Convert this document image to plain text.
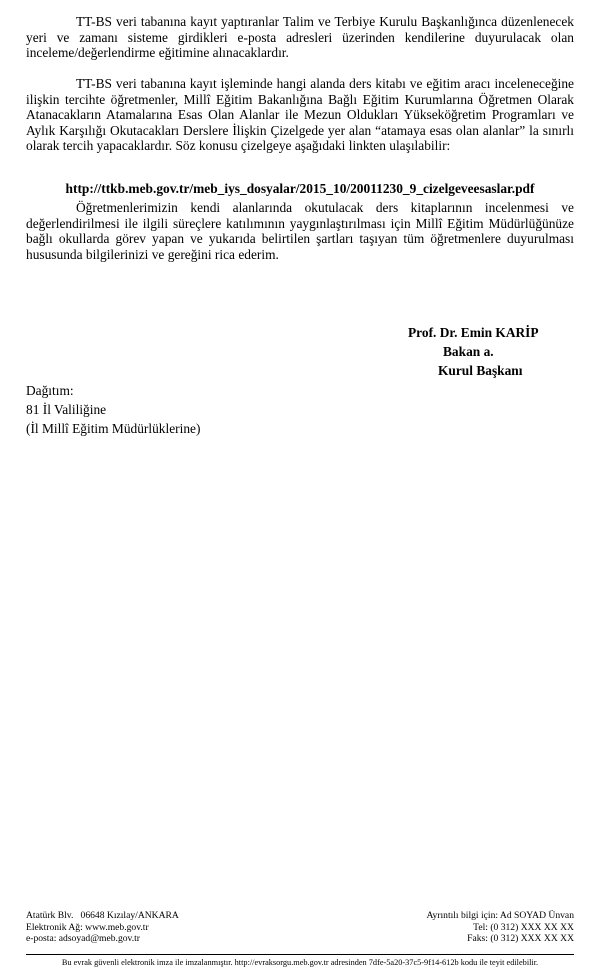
TT-BS veri tabanına kayıt yaptıranlar Talim ve Terbiye Kurulu Başkanlığınca düzenlenecek yeri ve zamanı sisteme girdikleri e-posta adresleri üzerinden kendilerine duyurulacak olan inceleme/değerlendirme eğitimine alınacaklardır.

TT-BS veri tabanına kayıt işleminde hangi alanda ders kitabı ve eğitim aracı inceleneceğine ilişkin tercihte öğretmenler, Millî Eğitim Bakanlığına Bağlı Eğitim Kurumlarına Öğretmen Olarak Atanacakların Atamalarına Esas Olan Alanlar ile Mezun Oldukları Yükseköğretim Programları ve Aylık Karşılığı Okutacakları Derslere İlişkin Çizelgede yer alan “atamaya esas olan alanlar” la sınırlı olarak tercih yapacaklardır. Söz konusu çizelgeye aşağıdaki linkten ulaşılabilir:

http://ttkb.meb.gov.tr/meb_iys_dosyalar/2015_10/20011230_9_cizelgeveesaslar.pdf

Öğretmenlerimizin kendi alanlarında okutulacak ders kitaplarının incelenmesi ve değerlendirilmesi ile ilgili süreçlere katılımının yaygınlaştırılması için Millî Eğitim Müdürlüğünüze bağlı okullarda görev yapan ve yukarıda belirtilen şartları taşıyan tüm öğretmenlere duyurulması hususunda bilgilerinizi ve gereğini rica ederim.

Prof. Dr. Emin KARİP
Bakan a.
Kurul Başkanı
Dağıtım:
81 İl Valiliğine
(İl Millî Eğitim Müdürlüklerine)
Atatürk Blv.   06648 Kızılay/ANKARA
Elektronik Ağ: www.meb.gov.tr
e-posta: adsoyad@meb.gov.tr
Ayrıntılı bilgi için: Ad SOYAD Ünvan
Tel: (0 312) XXX XX XX
Faks: (0 312) XXX XX XX
Bu evrak güvenli elektronik imza ile imzalanmıştır. http://evraksorgu.meb.gov.tr adresinden 7dfe-5a20-37c5-9f14-612b kodu ile teyit edilebilir.
